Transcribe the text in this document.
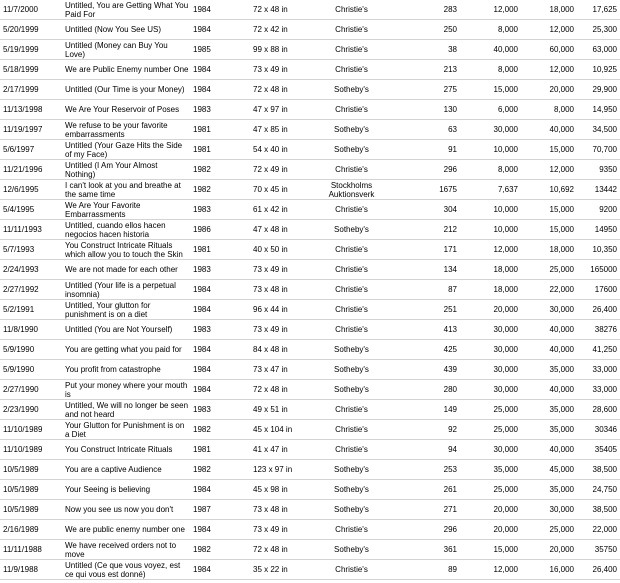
11/7/2000	Untitled, You are Getting What You Paid For	1984	72 x 48 in	Christie's	283	12,000	18,000	17,625
5/20/1999	Untitled (Now You See US)	1984	72 x 42 in	Christie's	250	8,000	12,000	25,300
5/19/1999	Untitled (Money can Buy You Love)	1985	99 x 88 in	Christie's	38	40,000	60,000	63,000
5/18/1999	We are Public Enemy number One	1984	73 x 49 in	Christie's	213	8,000	12,000	10,925
2/17/1999	Untitled (Our Time is your Money)	1984	72 x 48 in	Sotheby's	275	15,000	20,000	29,900
11/13/1998	We Are Your Reservoir of Poses	1983	47 x 97 in	Christie's	130	6,000	8,000	14,950
11/19/1997	We refuse to be your favorite embarrassments	1981	47 x 85 in	Sotheby's	63	30,000	40,000	34,500
5/6/1997	Untitled (Your Gaze Hits the Side of my Face)	1981	54 x 40 in	Sotheby's	91	10,000	15,000	70,700
11/21/1996	Untitled (I Am Your Almost Nothing)	1982	72 x 49 in	Christie's	296	8,000	12,000	9350
12/6/1995	I can't look at you and breathe at the same time	1982	70 x 45 in	Stockholms Auktionsverk	1675	7,637	10,692	13442
5/4/1995	We Are Your Favorite Embarrassments	1983	61 x 42 in	Christie's	304	10,000	15,000	9200
11/11/1993	Untitled, cuando ellos hacen negocios hacen historia	1986	47 x 48 in	Sotheby's	212	10,000	15,000	14950
5/7/1993	You Construct Intricate Rituals which allow you to touch the Skin	1981	40 x 50 in	Christie's	171	12,000	18,000	10,350
2/24/1993	We are not made for each other	1983	73 x 49 in	Christie's	134	18,000	25,000	165000
2/27/1992	Untitled (Your life is a perpetual insomnia)	1984	73 x 48 in	Christie's	87	18,000	22,000	17600
5/2/1991	Untitled, Your glutton for punishment is on a diet	1984	96 x 44 in	Christie's	251	20,000	30,000	26,400
11/8/1990	Untitled (You are Not Yourself)	1983	73 x 49 in	Christie's	413	30,000	40,000	38276
5/9/1990	You are getting what you paid for	1984	84 x 48 in	Sotheby's	425	30,000	40,000	41,250
5/9/1990	You profit from catastrophe	1984	73 x 47 in	Sotheby's	439	30,000	35,000	33,000
2/27/1990	Put your money where your mouth is	1984	72 x 48 in	Sotheby's	280	30,000	40,000	33,000
2/23/1990	Untitled, We will no longer be seen and not heard	1983	49 x 51 in	Christie's	149	25,000	35,000	28,600
11/10/1989	Your Glutton for Punishment is on a Diet	1982	45 x 104 in	Christie's	92	25,000	35,000	30346
11/10/1989	You Construct Intricate Rituals	1981	41 x 47 in	Christie's	94	30,000	40,000	35405
10/5/1989	You are a captive Audience	1982	123 x 97 in	Sotheby's	253	35,000	45,000	38,500
10/5/1989	Your Seeing is believing	1984	45 x 98 in	Sotheby's	261	25,000	35,000	24,750
10/5/1989	Now you see us now you don't	1987	73 x 48 in	Sotheby's	271	20,000	30,000	38,500
2/16/1989	We are public enemy number one	1984	73 x 49 in	Christie's	296	20,000	25,000	22,000
11/11/1988	We have received orders not to move	1982	72 x 48 in	Sotheby's	361	15,000	20,000	35750
11/9/1988	Untitled (Ce que vous voyez, est ce qui vous est donné)	1984	35 x 22 in	Christie's	89	12,000	16,000	26,400
